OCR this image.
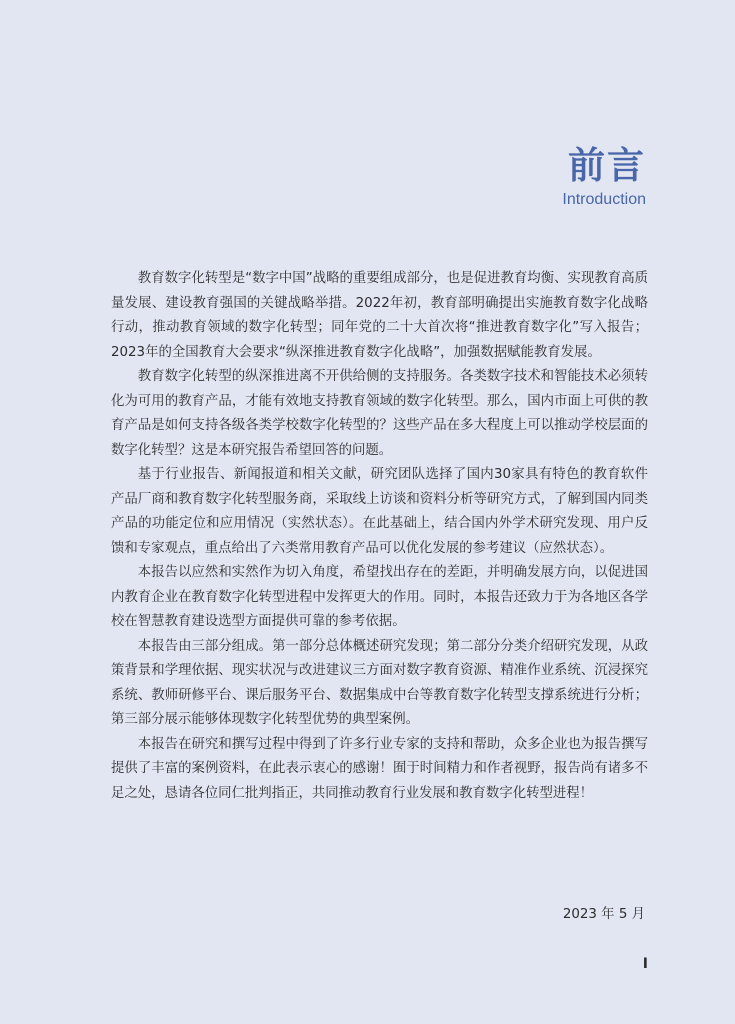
前言
Introduction

教育数字化转型是“数字中国”战略的重要组成部分，也是促进教育均衡、实现教育高质量发展、建设教育强国的关键战略举措。2022年初，教育部明确提出实施教育数字化战略行动，推动教育领域的数字化转型；同年党的二十大首次将“推进教育数字化”写入报告；2023年的全国教育大会要求“纵深推进教育数字化战略”，加强数据赋能教育发展。

教育数字化转型的纵深推进离不开供给侧的支持服务。各类数字技术和智能技术必须转化为可用的教育产品，才能有效地支持教育领域的数字化转型。那么，国内市面上可供的教育产品是如何支持各级各类学校数字化转型的？这些产品在多大程度上可以推动学校层面的数字化转型？这是本研究报告希望回答的问题。

基于行业报告、新闻报道和相关文献，研究团队选择了国内30家具有特色的教育软件产品厂商和教育数字化转型服务商，采取线上访谈和资料分析等研究方式，了解到国内同类产品的功能定位和应用情况（实然状态）。在此基础上，结合国内外学术研究发现、用户反馈和专家观点，重点给出了六类常用教育产品可以优化发展的参考建议（应然状态）。

本报告以应然和实然作为切入角度，希望找出存在的差距，并明确发展方向，以促进国内教育企业在教育数字化转型进程中发挥更大的作用。同时，本报告还致力于为各地区各学校在智慧教育建设选型方面提供可靠的参考依据。

本报告由三部分组成。第一部分总体概述研究发现；第二部分分类介绍研究发现，从政策背景和学理依据、现实状况与改进建议三方面对数字教育资源、精准作业系统、沉浸探究系统、教师研修平台、课后服务平台、数据集成中台等教育数字化转型支撑系统进行分析；第三部分展示能够体现数字化转型优势的典型案例。

本报告在研究和撰写过程中得到了许多行业专家的支持和帮助，众多企业也为报告撰写提供了丰富的案例资料，在此表示衷心的感谢！囿于时间精力和作者视野，报告尚有诸多不足之处，恳请各位同仁批判指正，共同推动教育行业发展和教育数字化转型进程！

2023 年 5 月
I
